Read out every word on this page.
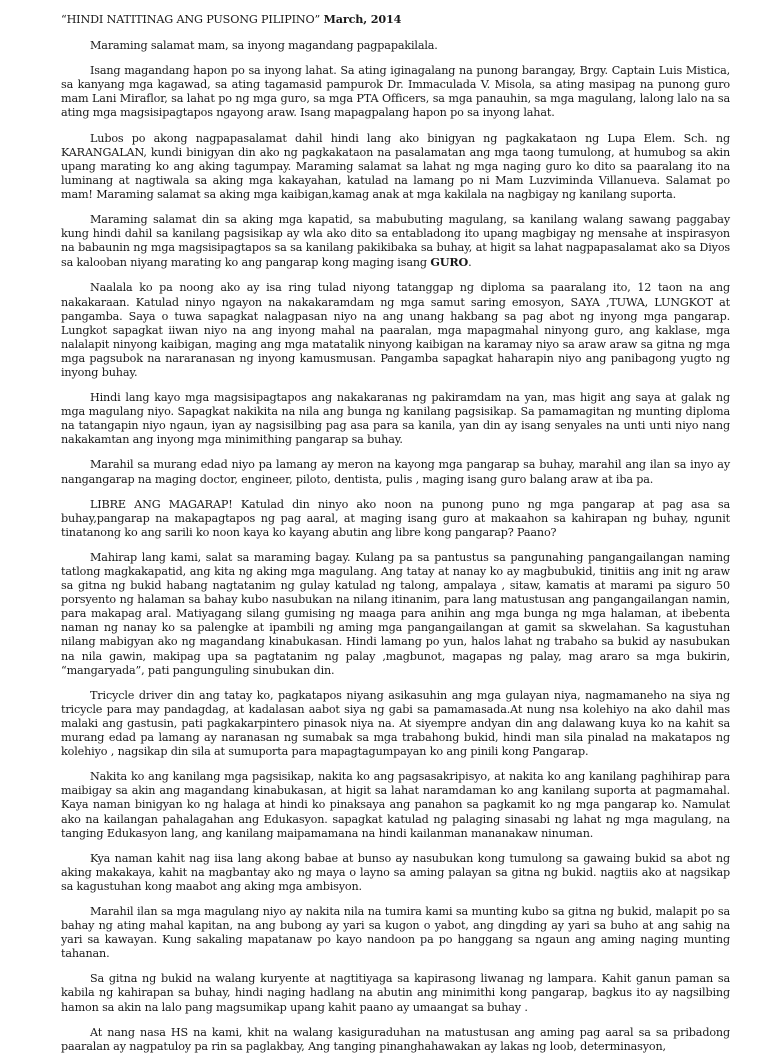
“HINDI NATITINAG ANG PUSONG PILIPINO” March, 2014

Maraming salamat mam, sa inyong magandang pagpapakilala.

Isang magandang hapon po sa inyong lahat. Sa ating iginagalang na punong barangay, Brgy. Captain Luis Mistica, sa kanyang mga kagawad, sa ating tagamasid pampurok Dr. Immaculada V. Misola, sa ating masipag na punong guro mam Lani Miraflor, sa lahat po ng mga guro, sa mga PTA Officers, sa mga panauhin, sa mga magulang, lalong lalo na sa ating mga magsisipagtapos ngayong araw. Isang mapagpalang hapon po sa inyong lahat.

Lubos po akong nagpapasalamat dahil hindi lang ako binigyan ng pagkakataon ng Lupa Elem. Sch. ng KARANGALAN, kundi binigyan din ako ng pagkakataon na pasalamatan ang mga taong tumulong, at humubog sa akin upang marating ko ang aking tagumpay. Maraming salamat sa lahat ng mga naging guro ko dito sa paaralang ito na luminang at nagtiwala sa aking mga kakayahan, katulad na lamang po ni Mam Luzviminda Villanueva. Salamat po mam! Maraming salamat sa aking mga kaibigan,kamag anak at mga kakilala na nagbigay ng kanilang suporta.

Maraming salamat din sa aking mga kapatid, sa mabubuting magulang, sa kanilang walang sawang paggabay kung hindi dahil sa kanilang pagsisikap ay wla ako dito sa entabladong ito upang magbigay ng mensahe at inspirasyon na babaunin ng mga magsisipagtapos sa sa kanilang pakikibaka sa buhay, at higit sa lahat nagpapasalamat ako sa Diyos sa kalooban niyang marating ko ang pangarap kong maging isang GURO.

Naalala ko pa noong ako ay isa ring tulad niyong tatanggap ng diploma sa paaralang ito, 12 taon na ang nakakaraan. Katulad ninyo ngayon na nakakaramdam ng mga samut saring emosyon, SAYA ,TUWA, LUNGKOT at pangamba. Saya o tuwa sapagkat nalagpasan niyo na ang unang hakbang sa pag abot ng inyong mga pangarap. Lungkot sapagkat iiwan niyo na ang inyong mahal na paaralan, mga mapagmahal ninyong guro, ang kaklase, mga nalalapit ninyong kaibigan, maging ang mga matatalik ninyong kaibigan na karamay niyo sa araw araw sa gitna ng mga mga pagsubok na nararanasan ng inyong kamusmusan. Pangamba sapagkat haharapin niyo ang panibagong yugto ng inyong buhay.

Hindi lang kayo mga magsisipagtapos ang nakakaranas ng pakiramdam na yan, mas higit ang saya at galak ng mga magulang niyo. Sapagkat nakikita na nila ang bunga ng kanilang pagsisikap. Sa pamamagitan ng munting diploma na tatangapin niyo ngaun, iyan ay nagsisilbing pag asa para sa kanila, yan din ay isang senyales na unti unti niyo nang nakakamtan ang inyong mga minimithing pangarap sa buhay.

Marahil sa murang edad niyo pa lamang ay meron na kayong mga pangarap sa buhay, marahil ang ilan sa inyo ay nangangarap na maging doctor, engineer, piloto, dentista, pulis , maging isang guro balang araw at iba pa.

LIBRE ANG MAGARAP! Katulad din ninyo ako noon na punong puno ng mga pangarap at pag asa sa buhay,pangarap na makapagtapos ng pag aaral, at maging isang guro at makaahon sa kahirapan ng buhay, ngunit tinatanong ko ang sarili ko noon kaya ko kayang abutin ang libre kong pangarap? Paano?

Mahirap lang kami, salat sa maraming bagay. Kulang pa sa pantustus sa pangunahing pangangailangan naming tatlong magkakapatid, ang kita ng aking mga magulang. Ang tatay at nanay ko ay magbubukid, tinitiis ang init ng araw sa gitna ng bukid habang nagtatanim ng gulay katulad ng talong, ampalaya , sitaw, kamatis at marami pa siguro 50 porsyento ng halaman sa bahay kubo nasubukan na nilang itinanim, para lang matustusan ang pangangailangan namin, para makapag aral. Matiyagang silang gumising ng maaga para anihin ang mga bunga ng mga halaman, at ibebenta naman ng nanay ko sa palengke at ipambili ng aming mga pangangailangan at gamit sa skwelahan. Sa kagustuhan nilang mabigyan ako ng magandang kinabukasan. Hindi lamang po yun, halos lahat ng trabaho sa bukid ay nasubukan na nila gawin, makipag upa sa pagtatanim ng palay ,magbunot, magapas ng palay, mag araro sa mga bukirin, “mangaryada”, pati pangunguling sinubukan din.

Tricycle driver din ang tatay ko, pagkatapos niyang asikasuhin ang mga gulayan niya, nagmamaneho na siya ng tricycle para may pandagdag, at kadalasan aabot siya ng gabi sa pamamasada.At nung nsa kolehiyo na ako dahil mas malaki ang gastusin, pati pagkakarpintero pinasok niya na. At siyempre andyan din ang dalawang kuya ko na kahit sa murang edad pa lamang ay naranasan ng sumabak sa mga trabahong bukid, hindi man sila pinalad na makatapos ng kolehiyo , nagsikap din sila at sumuporta para mapagtagumpayan ko ang pinili kong Pangarap.

Nakita ko ang kanilang mga pagsisikap, nakita ko ang pagsasakripisyo, at nakita ko ang kanilang paghihirap para maibigay sa akin ang magandang kinabukasan, at higit sa lahat naramdaman ko ang kanilang suporta at pagmamahal. Kaya naman binigyan ko ng halaga at hindi ko pinaksaya ang panahon sa pagkamit ko ng mga pangarap ko. Namulat ako na kailangan pahalagahan ang Edukasyon. sapagkat katulad ng palaging sinasabi ng lahat ng mga magulang, na tanging Edukasyon lang, ang kanilang maipamamana na hindi kailanman mananakaw ninuman.

Kya naman kahit nag iisa lang akong babae at bunso ay nasubukan kong tumulong sa gawaing bukid sa abot ng aking makakaya, kahit na magbantay ako ng maya o layno sa aming palayan sa gitna ng bukid. nagtiis ako at nagsikap sa kagustuhan kong maabot ang aking mga ambisyon.

Marahil ilan sa mga magulang niyo ay nakita nila na tumira kami sa munting kubo sa gitna ng bukid, malapit po sa bahay ng ating mahal kapitan, na ang bubong ay yari sa kugon o yabot, ang dingding ay yari sa buho at ang sahig na yari sa kawayan. Kung sakaling mapatanaw po kayo nandoon pa po hanggang sa ngaun ang aming naging munting tahanan.

Sa gitna ng bukid na walang kuryente at nagtitiyaga sa kapirasong liwanag ng lampara. Kahit ganun paman sa kabila ng kahirapan sa buhay, hindi naging hadlang na abutin ang minimithi kong pangarap, bagkus ito ay nagsilbing hamon sa akin na lalo pang magsumikap upang kahit paano ay umaangat sa buhay .

At nang nasa HS na kami, khit na walang kasiguraduhan na matustusan ang aming pag aaral sa sa pribadong paaralan ay nagpatuloy pa rin sa paglakbay, Ang tanging pinanghahawakan ay lakas ng loob, determinasyon,
